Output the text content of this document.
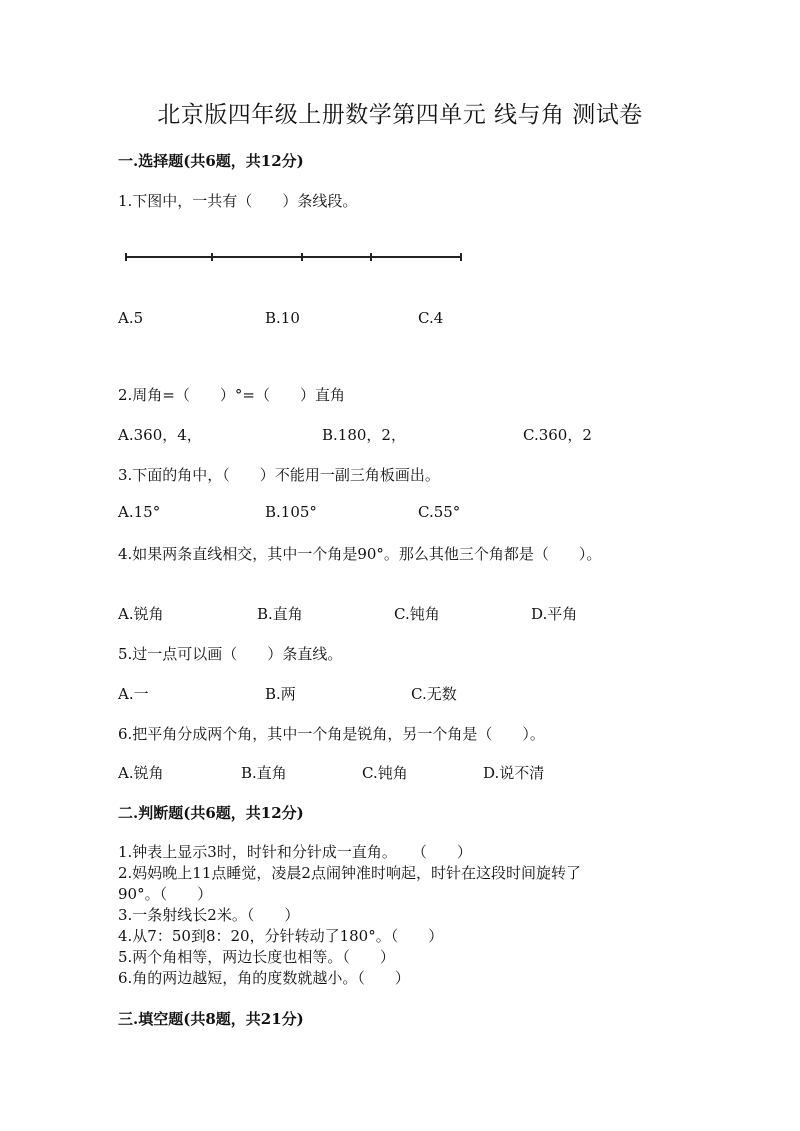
北京版四年级上册数学第四单元 线与角 测试卷
一.选择题(共6题，共12分)
1.下图中，一共有（　　）条线段。
A.5	B.10	C.4
2.周角=（　　）°=（　　）直角
A.360，4，	B.180，2，	C.360，2
3.下面的角中，（　　）不能用一副三角板画出。
A.15°	B.105°	C.55°
4.如果两条直线相交，其中一个角是90°。那么其他三个角都是（　　）。
A.锐角	B.直角	C.钝角	D.平角
5.过一点可以画（　　）条直线。
A.一	B.两	C.无数
6.把平角分成两个角，其中一个角是锐角，另一个角是（　　）。
A.锐角	B.直角	C.钝角	D.说不清
二.判断题(共6题，共12分)
1.钟表上显示3时，时针和分针成一直角。　　（　　）
2.妈妈晚上11点睡觉，凌晨2点闹钟准时响起，时针在这段时间旋转了
90°。（　　）
3.一条射线长2米。（　　）
4.从7：50到8：20，分针转动了180°。（　　）
5.两个角相等，两边长度也相等。（　　）
6.角的两边越短，角的度数就越小。（　　）
三.填空题(共8题，共21分)
